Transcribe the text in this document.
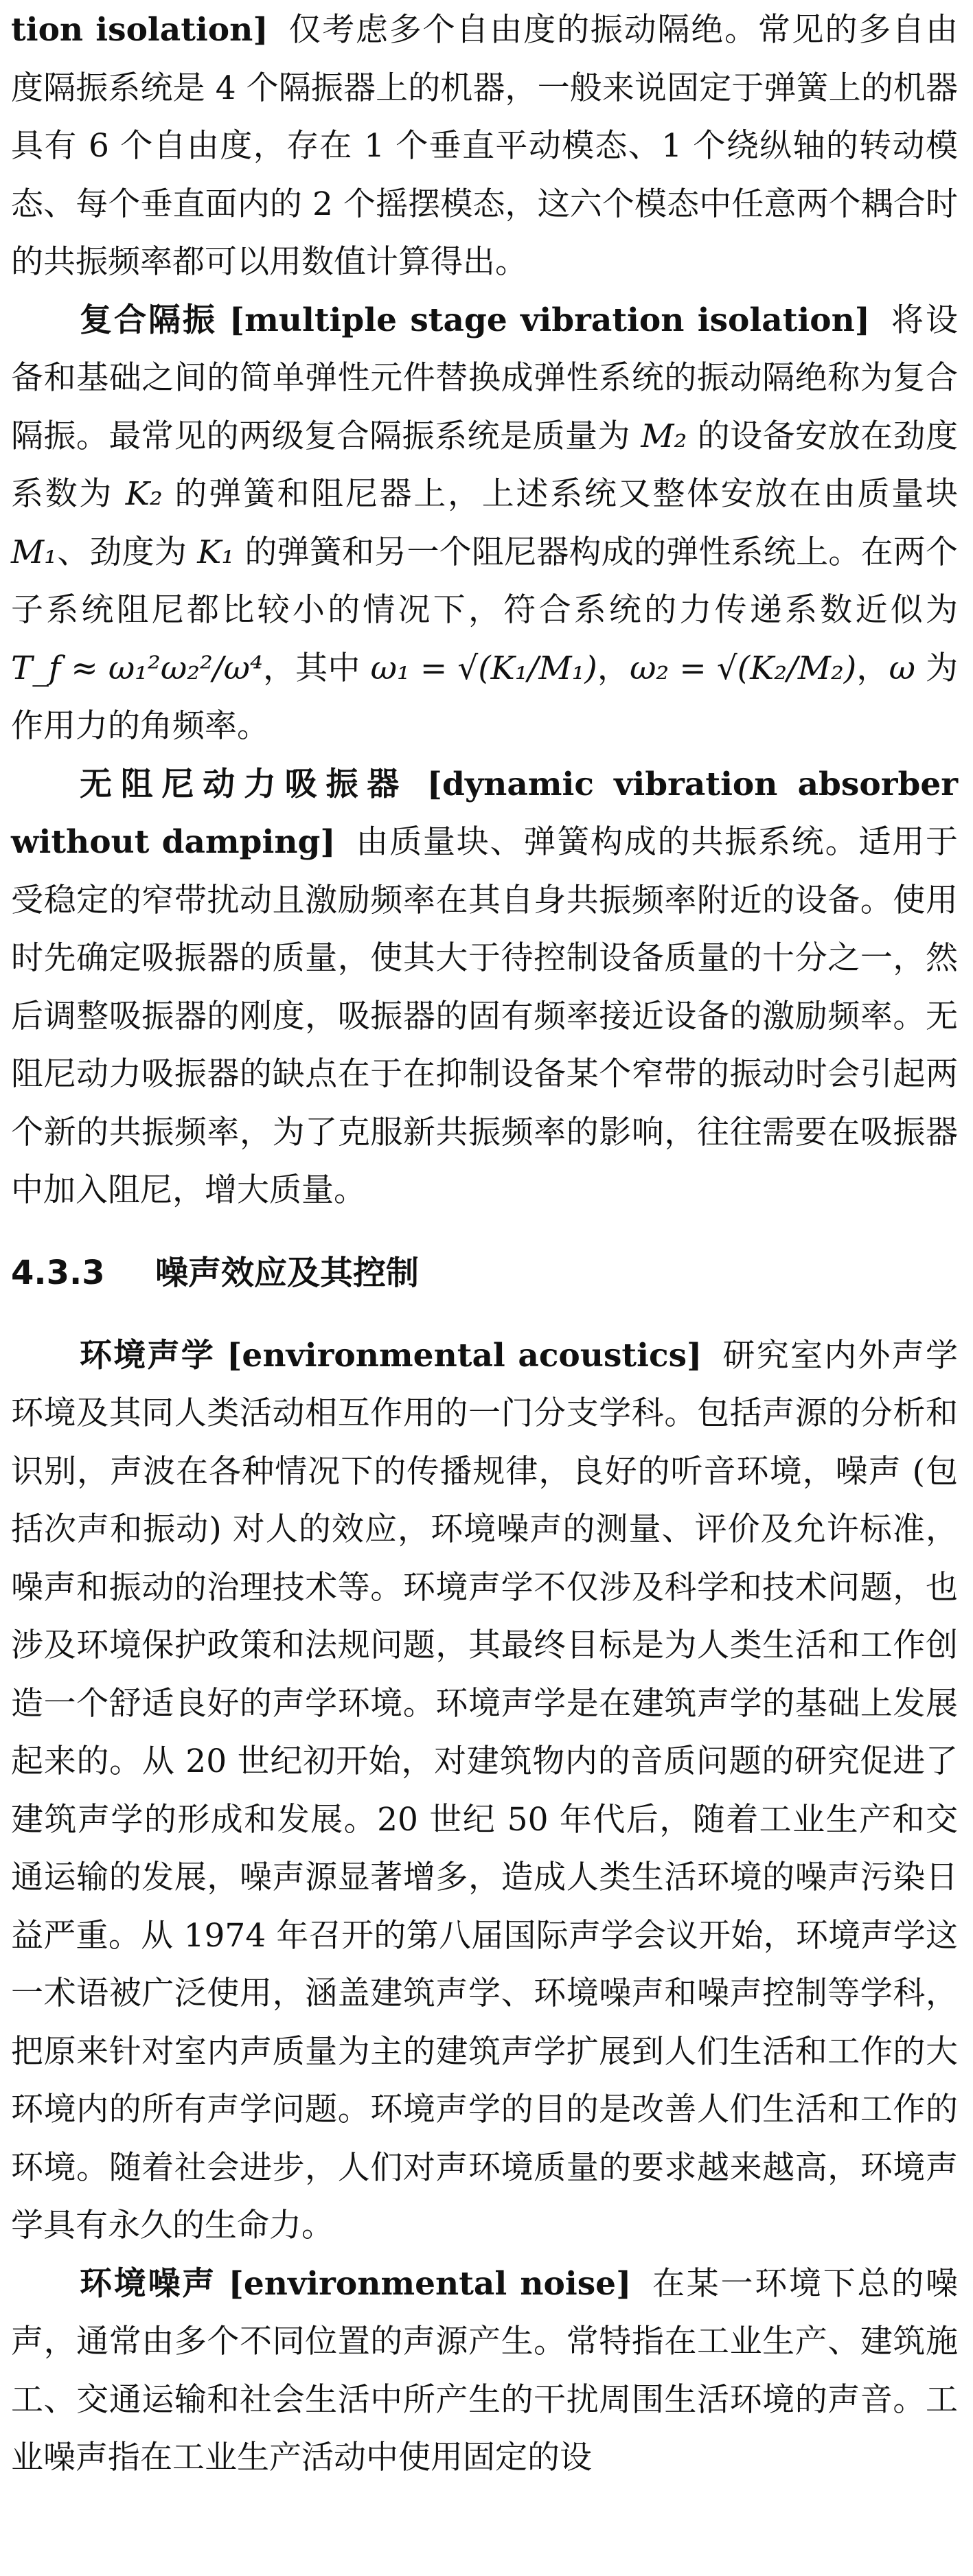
tion isolation] 仅考虑多个自由度的振动隔绝。常见的多自由度隔振系统是 4 个隔振器上的机器，一般来说固定于弹簧上的机器具有 6 个自由度，存在 1 个垂直平动模态、1 个绕纵轴的转动模态、每个垂直面内的 2 个摇摆模态，这六个模态中任意两个耦合时的共振频率都可以用数值计算得出。

复合隔振 [multiple stage vibration isolation] 将设备和基础之间的简单弹性元件替换成弹性系统的振动隔绝称为复合隔振。最常见的两级复合隔振系统是质量为 M₂ 的设备安放在劲度系数为 K₂ 的弹簧和阻尼器上，上述系统又整体安放在由质量块 M₁、劲度为 K₁ 的弹簧和另一个阻尼器构成的弹性系统上。在两个子系统阻尼都比较小的情况下，符合系统的力传递系数近似为 T_f ≈ ω₁²ω₂²/ω⁴，其中 ω₁ = √(K₁/M₁)，ω₂ = √(K₂/M₂)，ω 为作用力的角频率。

无阻尼动力吸振器 [dynamic vibration absorber without damping] 由质量块、弹簧构成的共振系统。适用于受稳定的窄带扰动且激励频率在其自身共振频率附近的设备。使用时先确定吸振器的质量，使其大于待控制设备质量的十分之一，然后调整吸振器的刚度，吸振器的固有频率接近设备的激励频率。无阻尼动力吸振器的缺点在于在抑制设备某个窄带的振动时会引起两个新的共振频率，为了克服新共振频率的影响，往往需要在吸振器中加入阻尼，增大质量。

4.3.3 噪声效应及其控制

环境声学 [environmental acoustics] 研究室内外声学环境及其同人类活动相互作用的一门分支学科。包括声源的分析和识别，声波在各种情况下的传播规律，良好的听音环境，噪声 (包括次声和振动) 对人的效应，环境噪声的测量、评价及允许标准，噪声和振动的治理技术等。环境声学不仅涉及科学和技术问题，也涉及环境保护政策和法规问题，其最终目标是为人类生活和工作创造一个舒适良好的声学环境。环境声学是在建筑声学的基础上发展起来的。从 20 世纪初开始，对建筑物内的音质问题的研究促进了建筑声学的形成和发展。20 世纪 50 年代后，随着工业生产和交通运输的发展，噪声源显著增多，造成人类生活环境的噪声污染日益严重。从 1974 年召开的第八届国际声学会议开始，环境声学这一术语被广泛使用，涵盖建筑声学、环境噪声和噪声控制等学科，把原来针对室内声质量为主的建筑声学扩展到人们生活和工作的大环境内的所有声学问题。环境声学的目的是改善人们生活和工作的环境。随着社会进步，人们对声环境质量的要求越来越高，环境声学具有永久的生命力。

环境噪声 [environmental noise] 在某一环境下总的噪声，通常由多个不同位置的声源产生。常特指在工业生产、建筑施工、交通运输和社会生活中所产生的干扰周围生活环境的声音。工业噪声指在工业生产活动中使用固定的设
